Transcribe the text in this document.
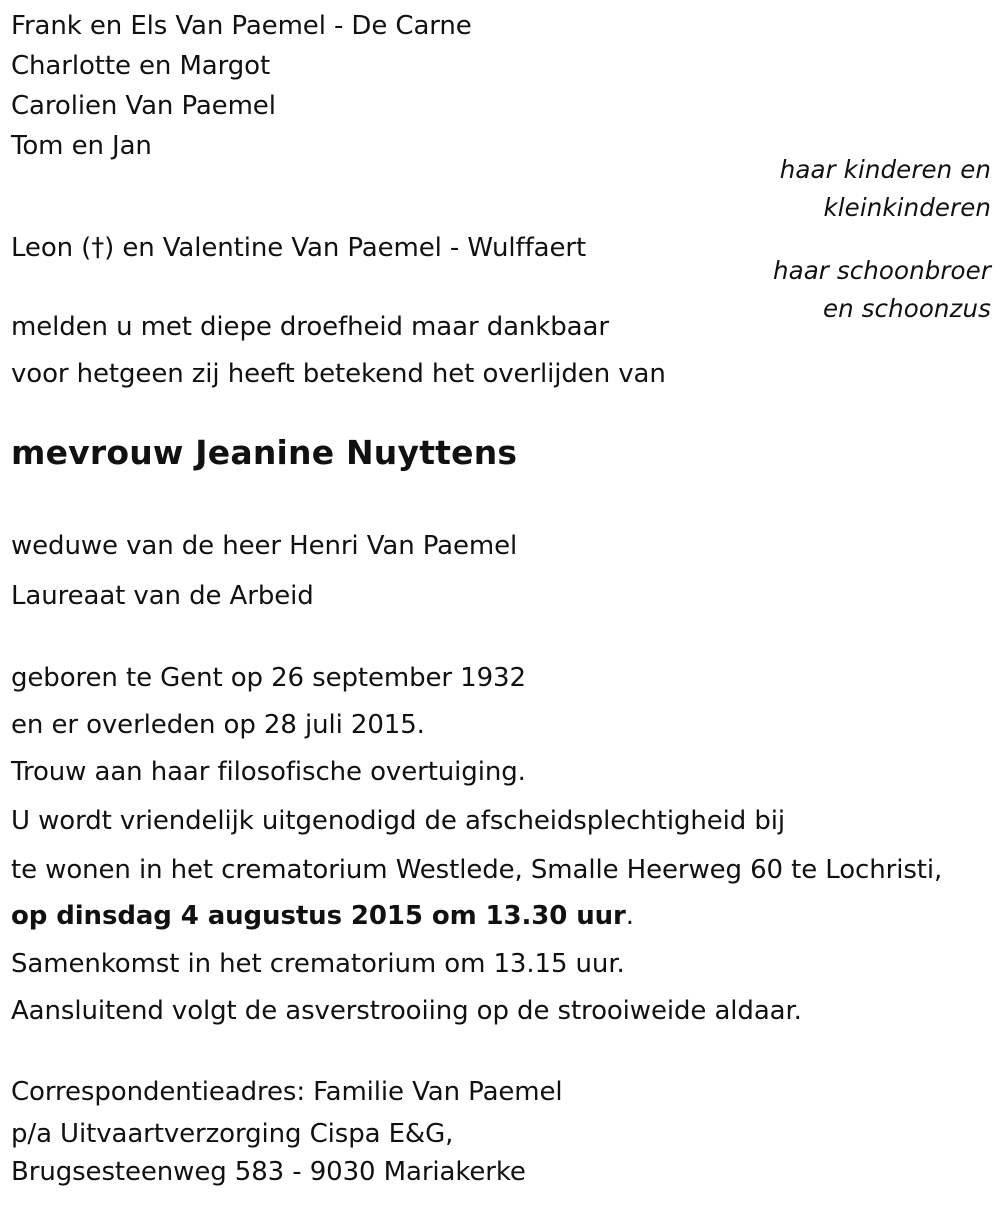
Frank en Els Van Paemel - De Carne
Charlotte en Margot
Carolien Van Paemel
Tom en Jan
haar kinderen en
kleinkinderen
haar schoonbroer
en schoonzus
Leon (†) en Valentine Van Paemel - Wulffaert
melden u met diepe droefheid maar dankbaar
voor hetgeen zij heeft betekend het overlijden van
mevrouw Jeanine Nuyttens
weduwe van de heer Henri Van Paemel
Laureaat van de Arbeid
geboren te Gent op 26 september 1932
en er overleden op 28 juli 2015.
Trouw aan haar filosofische overtuiging.
U wordt vriendelijk uitgenodigd de afscheidsplechtigheid bij
te wonen in het crematorium Westlede, Smalle Heerweg 60 te Lochristi,
op dinsdag 4 augustus 2015 om 13.30 uur.
Samenkomst in het crematorium om 13.15 uur.
Aansluitend volgt de asverstrooiing op de strooiweide aldaar.
Correspondentieadres: Familie Van Paemel
p/a Uitvaartverzorging Cispa E&G,
Brugsesteenweg 583 - 9030 Mariakerke
